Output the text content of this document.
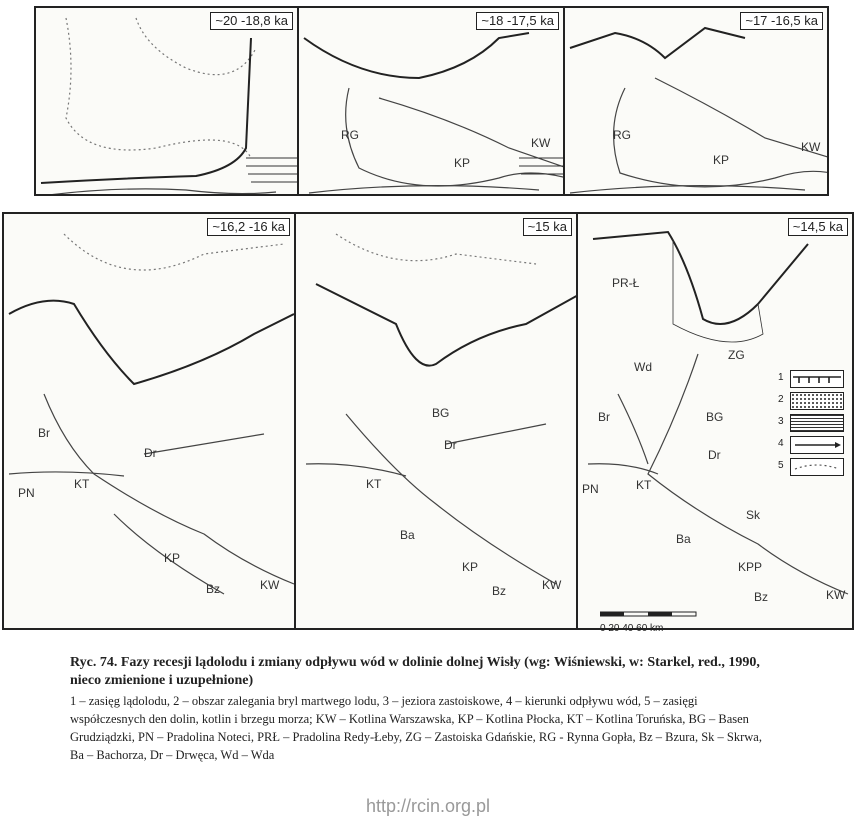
~20 -18,8 ka
RG
KP
KW
~18 -17,5 ka
RG
KP
KW
~17 -16,5 ka
Br
Dr
PN
KT
KP
Bz	KW
~16,2 -16 ka
BG
Dr
KT
Ba
KP
Bz	KW
~15 ka
PR-Ł
ZG
Wd
Br	BG
Dr
PN	KT
Sk
Ba
KPP
Bz	KW
~14,5 ka
1
2
3
4
5
0 20 40 60 km

Ryc. 74. Fazy recesji lądolodu i zmiany odpływu wód w dolinie dolnej Wisły (wg: Wiśniewski, w: Starkel, red., 1990, nieco zmienione i uzupełnione)

1 – zasięg lądolodu, 2 – obszar zalegania bryl martwego lodu, 3 – jeziora zastoiskowe, 4 – kierunki odpływu wód, 5 – zasięgi współczesnych den dolin, kotlin i brzegu morza; KW – Kotlina Warszawska, KP – Kotlina Płocka, KT – Kotlina Toruńska, BG – Basen Grudziądzki, PN – Pradolina Noteci, PRŁ – Pradolina Redy-Łeby, ZG – Zastoiska Gdańskie, RG - Rynna Gopła, Bz – Bzura, Sk – Skrwa, Ba – Bachorza, Dr – Drwęca, Wd – Wda

http://rcin.org.pl
